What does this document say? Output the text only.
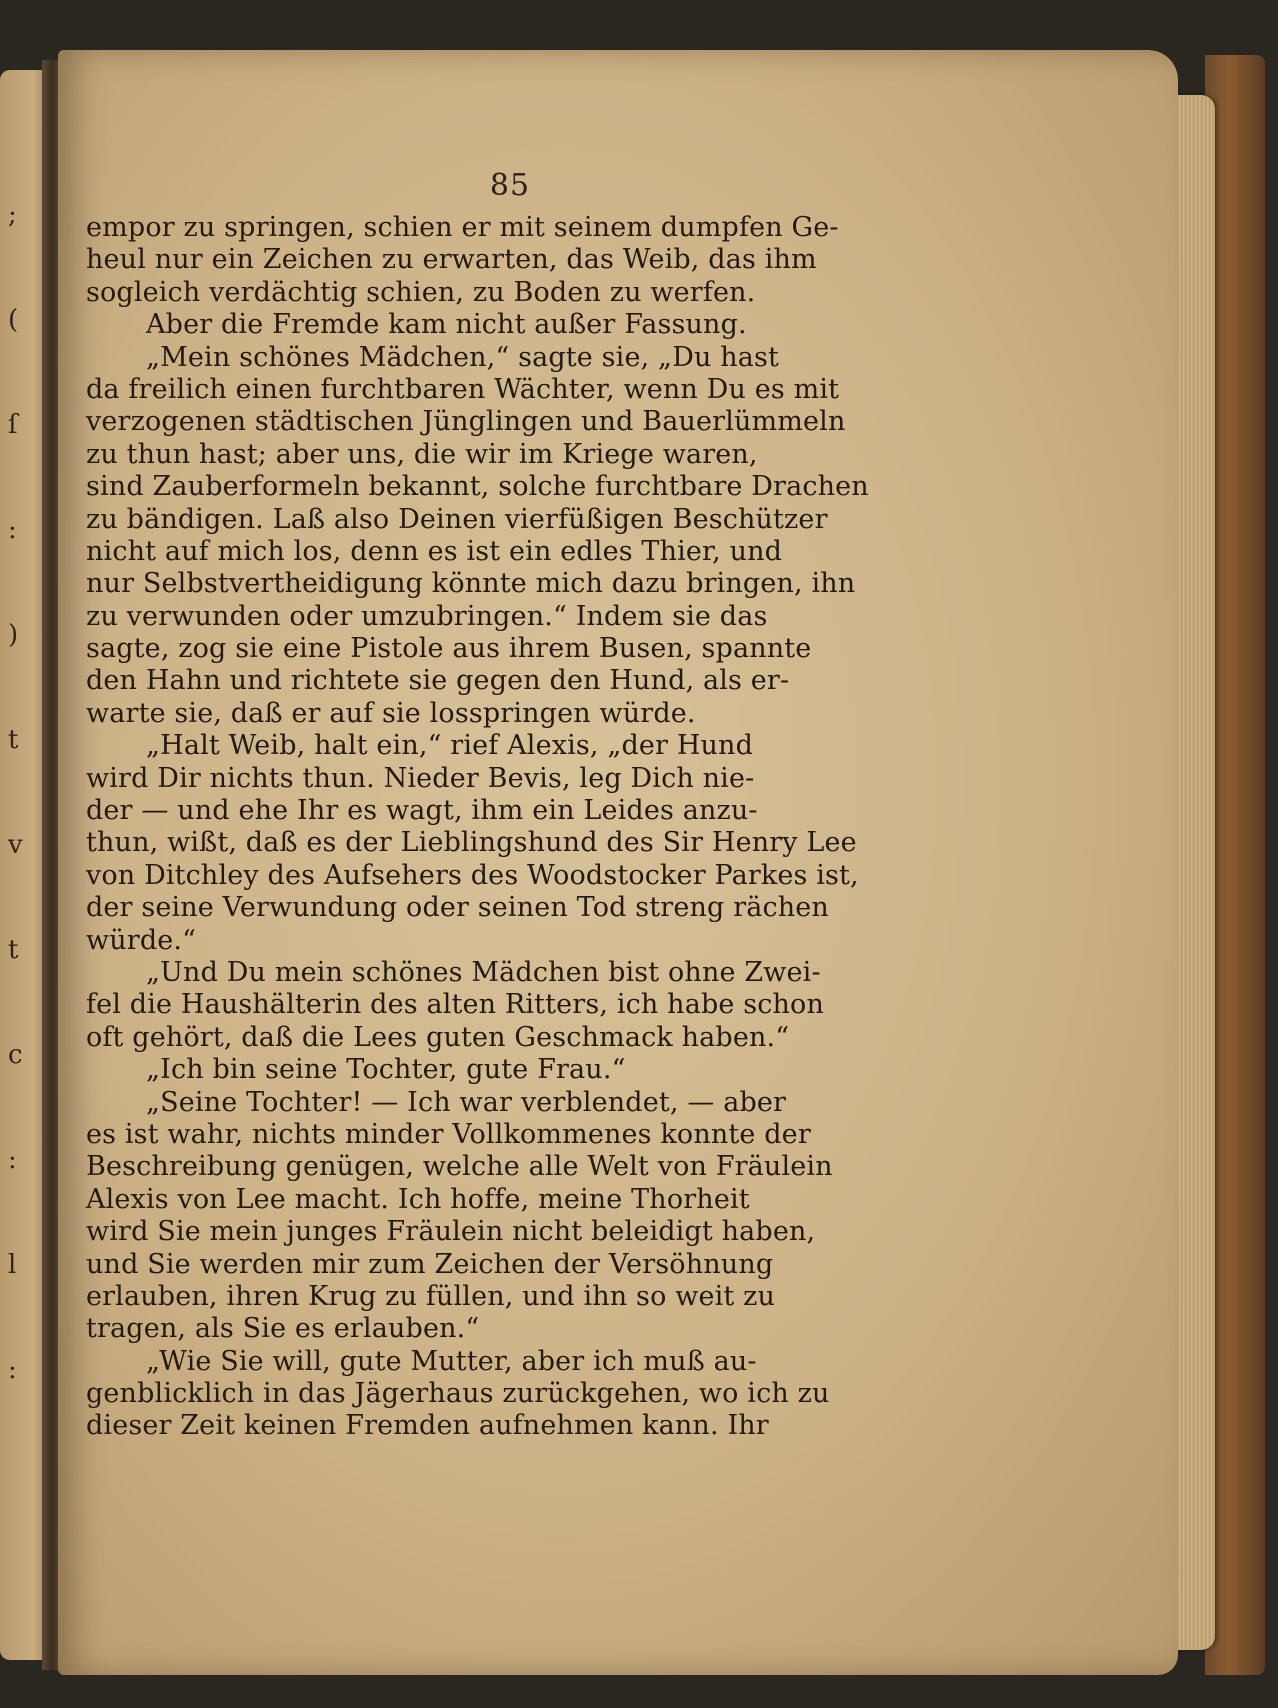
;
(
ſ
:
)
t
v
t
c
:
l
:
85
empor zu springen, schien er mit seinem dumpfen Ge-
heul nur ein Zeichen zu erwarten, das Weib, das ihm
sogleich verdächtig schien, zu Boden zu werfen.
Aber die Fremde kam nicht außer Fassung.
„Mein schönes Mädchen,“ sagte sie, „Du hast
da freilich einen furchtbaren Wächter, wenn Du es mit
verzogenen städtischen Jünglingen und Bauerlümmeln
zu thun hast; aber uns, die wir im Kriege waren,
sind Zauberformeln bekannt, solche furchtbare Drachen
zu bändigen. Laß also Deinen vierfüßigen Beschützer
nicht auf mich los, denn es ist ein edles Thier, und
nur Selbstvertheidigung könnte mich dazu bringen, ihn
zu verwunden oder umzubringen.“ Indem sie das
sagte, zog sie eine Pistole aus ihrem Busen, spannte
den Hahn und richtete sie gegen den Hund, als er-
warte sie, daß er auf sie losspringen würde.
„Halt Weib, halt ein,“ rief Alexis, „der Hund
wird Dir nichts thun. Nieder Bevis, leg Dich nie-
der — und ehe Ihr es wagt, ihm ein Leides anzu-
thun, wißt, daß es der Lieblingshund des Sir Henry Lee
von Ditchley des Aufsehers des Woodstocker Parkes ist,
der seine Verwundung oder seinen Tod streng rächen
würde.“
„Und Du mein schönes Mädchen bist ohne Zwei-
fel die Haushälterin des alten Ritters, ich habe schon
oft gehört, daß die Lees guten Geschmack haben.“
„Ich bin seine Tochter, gute Frau.“
„Seine Tochter! — Ich war verblendet, — aber
es ist wahr, nichts minder Vollkommenes konnte der
Beschreibung genügen, welche alle Welt von Fräulein
Alexis von Lee macht. Ich hoffe, meine Thorheit
wird Sie mein junges Fräulein nicht beleidigt haben,
und Sie werden mir zum Zeichen der Versöhnung
erlauben, ihren Krug zu füllen, und ihn so weit zu
tragen, als Sie es erlauben.“
„Wie Sie will, gute Mutter, aber ich muß au-
genblicklich in das Jägerhaus zurückgehen, wo ich zu
dieser Zeit keinen Fremden aufnehmen kann. Ihr
